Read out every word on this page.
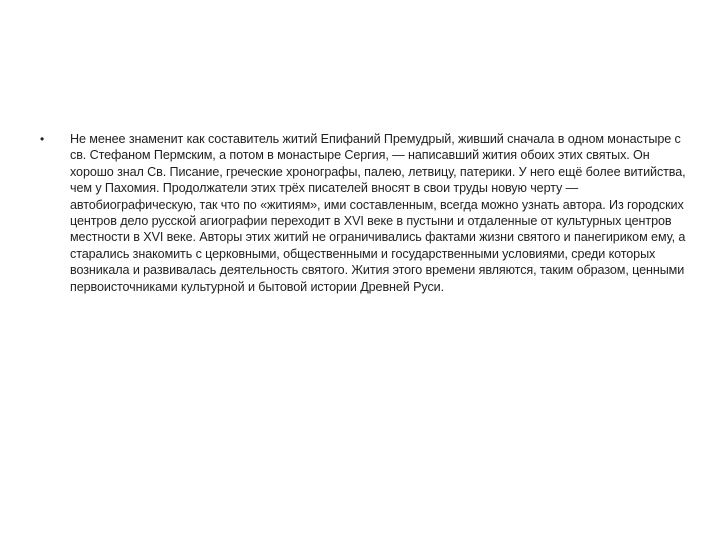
•	Не менее знаменит как составитель житий Епифаний Премудрый, живший сначала в одном монастыре с св. Стефаном Пермским, а потом в монастыре Сергия, — написавший жития обоих этих святых. Он хорошо знал Св. Писание, греческие хронографы, палею, летвицу, патерики. У него ещё более витийства, чем у Пахомия. Продолжатели этих трёх писателей вносят в свои труды новую черту — автобиографическую, так что по «житиям», ими составленным, всегда можно узнать автора. Из городских центров дело русской агиографии переходит в XVI веке в пустыни и отдаленные от культурных центров местности в XVI веке. Авторы этих житий не ограничивались фактами жизни святого и панегириком ему, а старались знакомить с церковными, общественными и государственными условиями, среди которых возникала и развивалась деятельность святого. Жития этого времени являются, таким образом, ценными первоисточниками культурной и бытовой истории Древней Руси.
